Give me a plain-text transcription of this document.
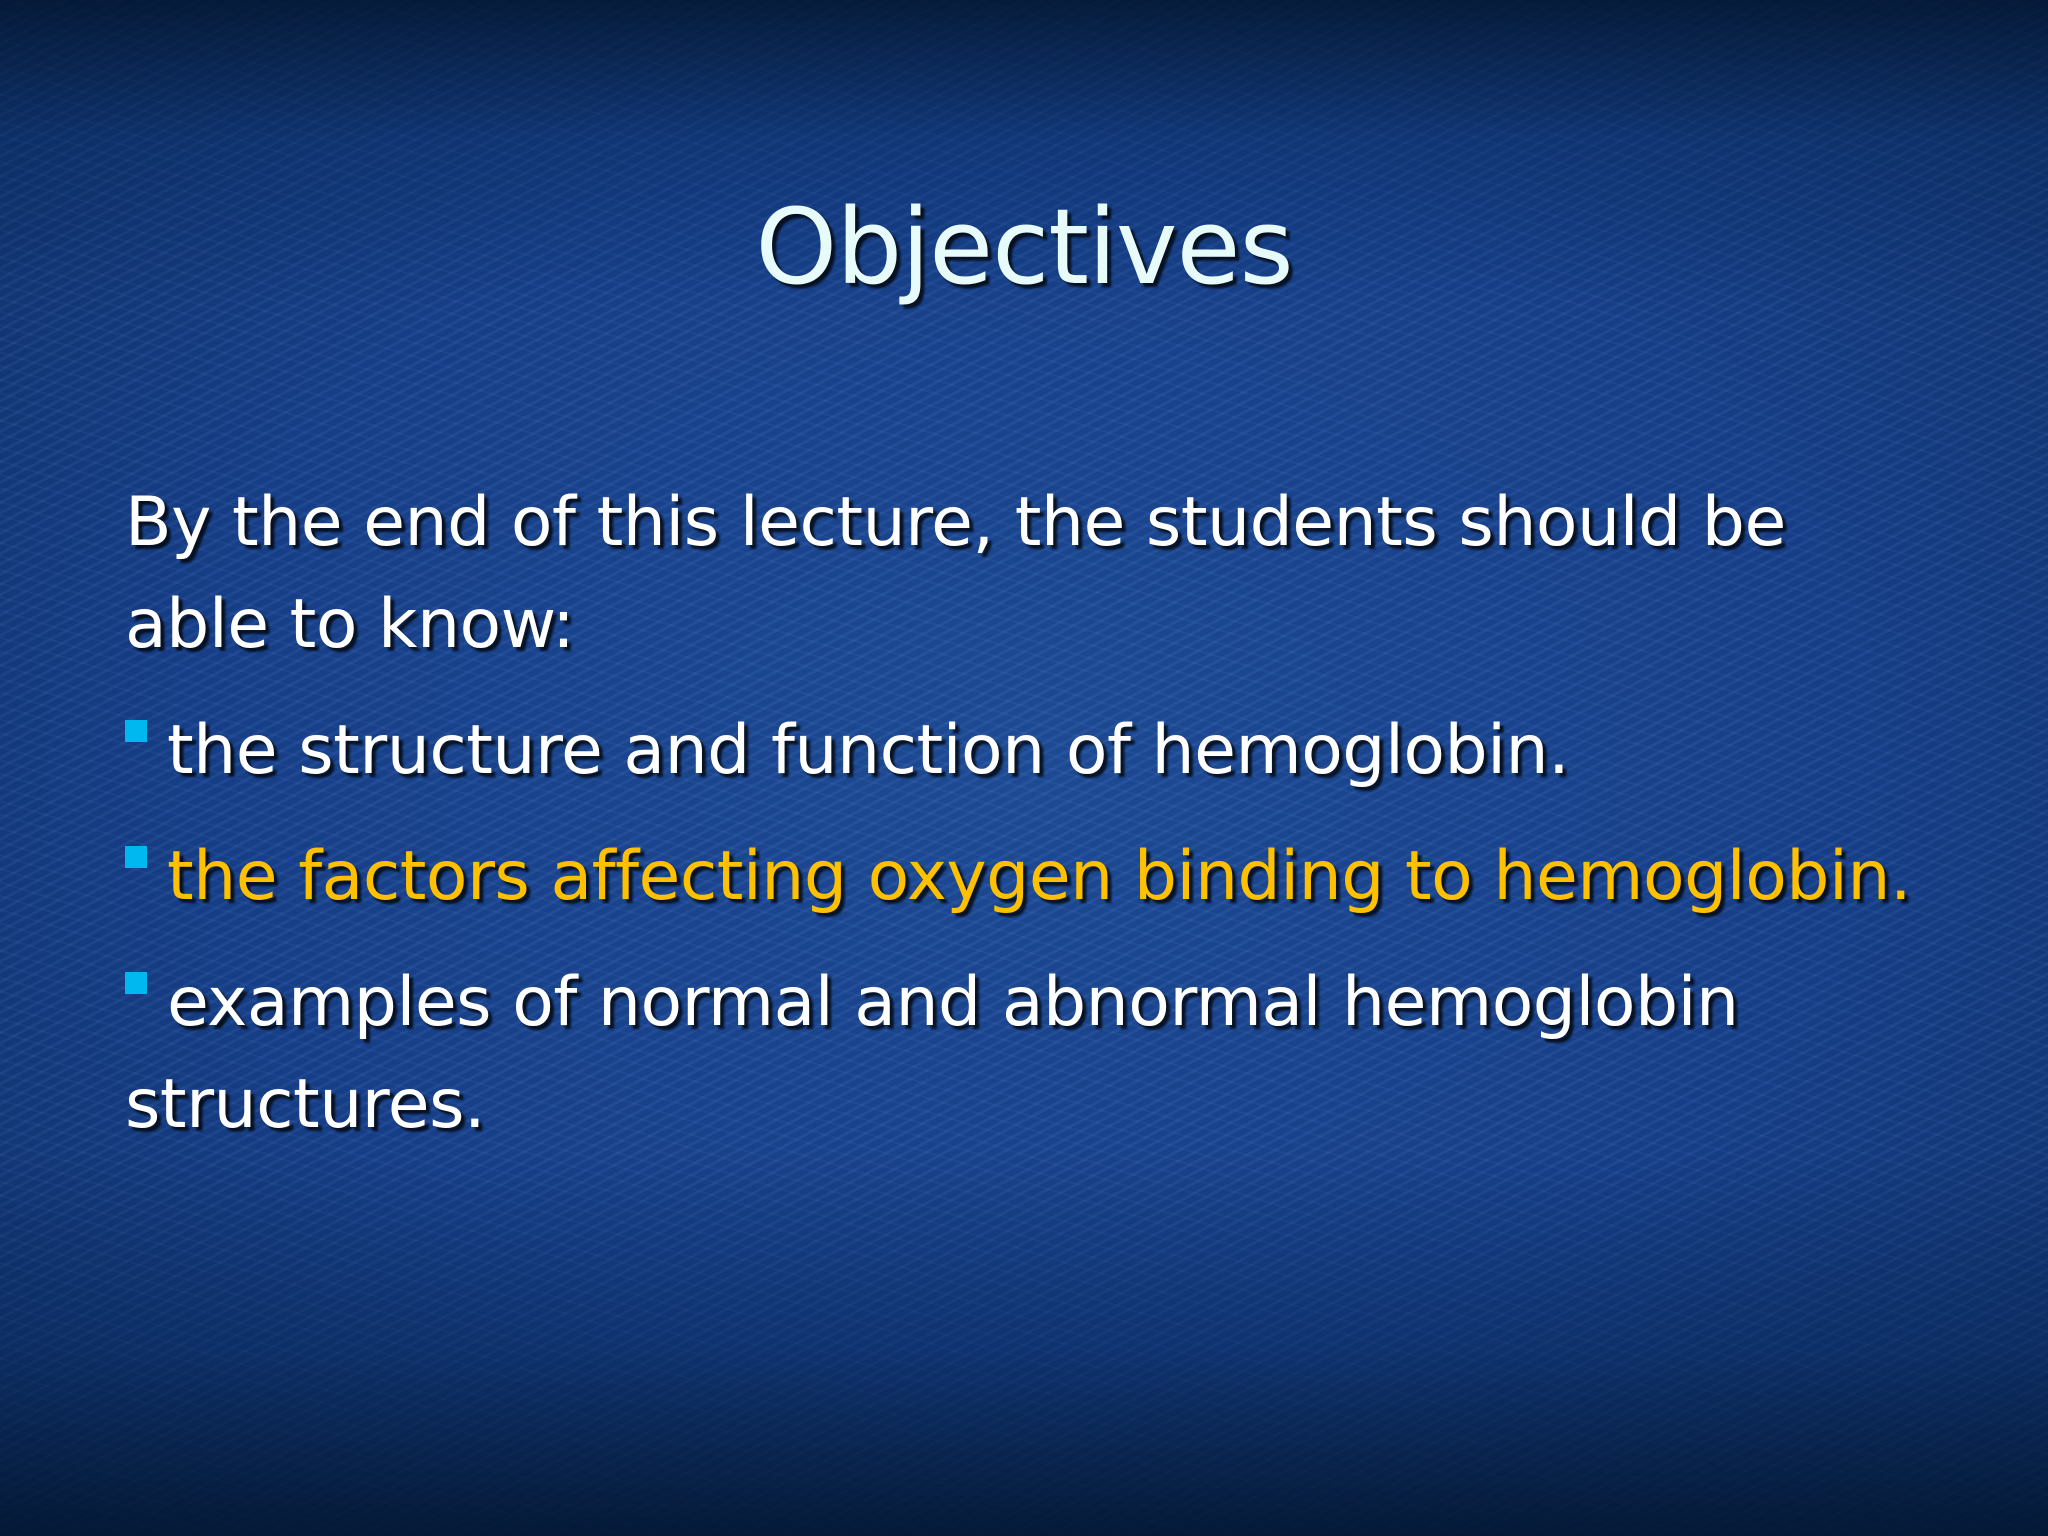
Objectives
By the end of this lecture, the students should be able to know:
the structure and function of hemoglobin.
the factors affecting oxygen binding to hemoglobin.
examples of normal and abnormal hemoglobin structures.
